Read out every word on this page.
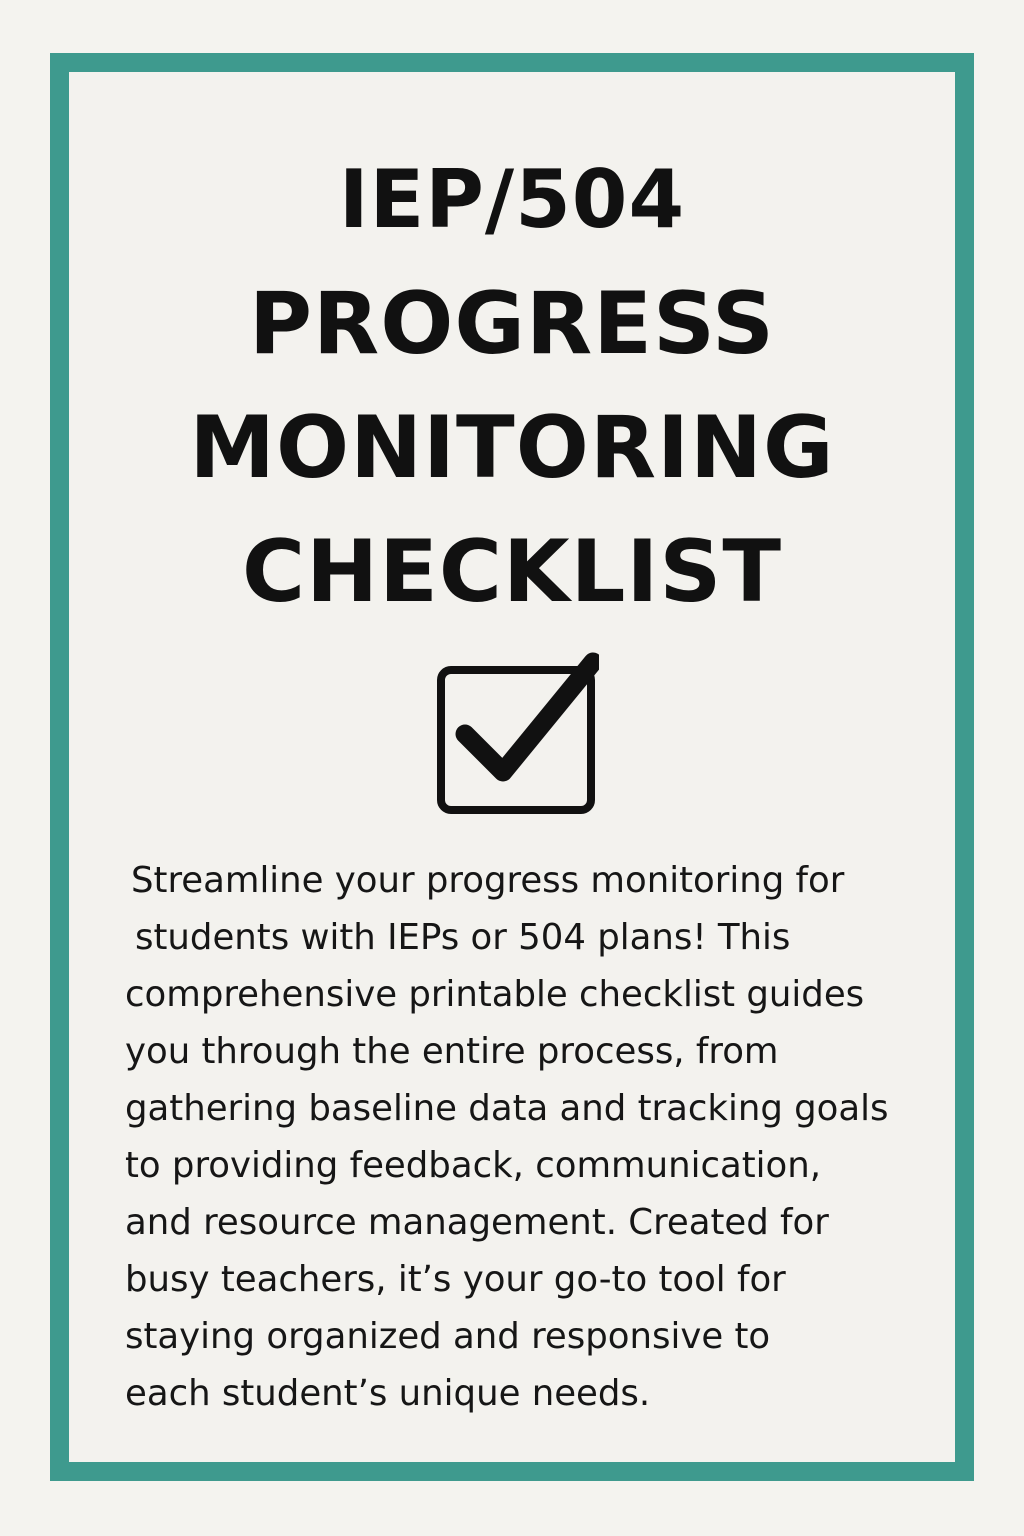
IEP/504
PROGRESS
MONITORING
CHECKLIST

Streamline your progress monitoring for
students with IEPs or 504 plans! This
comprehensive printable checklist guides
you through the entire process, from
gathering baseline data and tracking goals
to providing feedback, communication,
and resource management. Created for
busy teachers, it’s your go-to tool for
staying organized and responsive to
each student’s unique needs.
